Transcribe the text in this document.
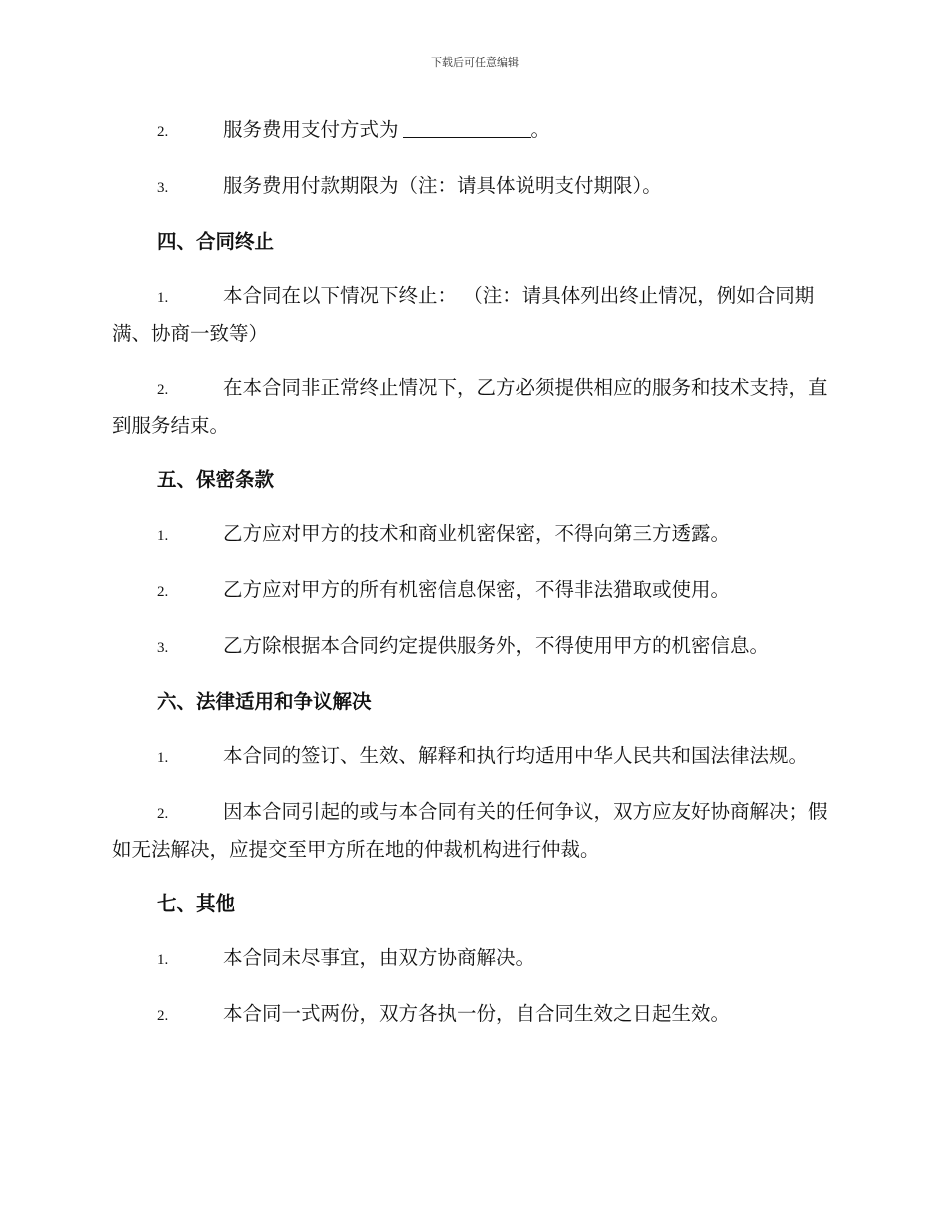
下载后可任意编辑

2.	服务费用支付方式为	。

3.	服务费用付款期限为（注：请具体说明支付期限）。

四、合同终止

1.	本合同在以下情况下终止： （注：请具体列出终止情况，例如合同期满、协商一致等）

2.	在本合同非正常终止情况下，乙方必须提供相应的服务和技术支持，直到服务结束。

五、保密条款

1.	乙方应对甲方的技术和商业机密保密，不得向第三方透露。

2.	乙方应对甲方的所有机密信息保密，不得非法猎取或使用。

3.	乙方除根据本合同约定提供服务外，不得使用甲方的机密信息。

六、法律适用和争议解决

1.	本合同的签订、生效、解释和执行均适用中华人民共和国法律法规。

2.	因本合同引起的或与本合同有关的任何争议，双方应友好协商解决；假如无法解决，应提交至甲方所在地的仲裁机构进行仲裁。

七、其他

1.	本合同未尽事宜，由双方协商解决。

2.	本合同一式两份，双方各执一份，自合同生效之日起生效。
